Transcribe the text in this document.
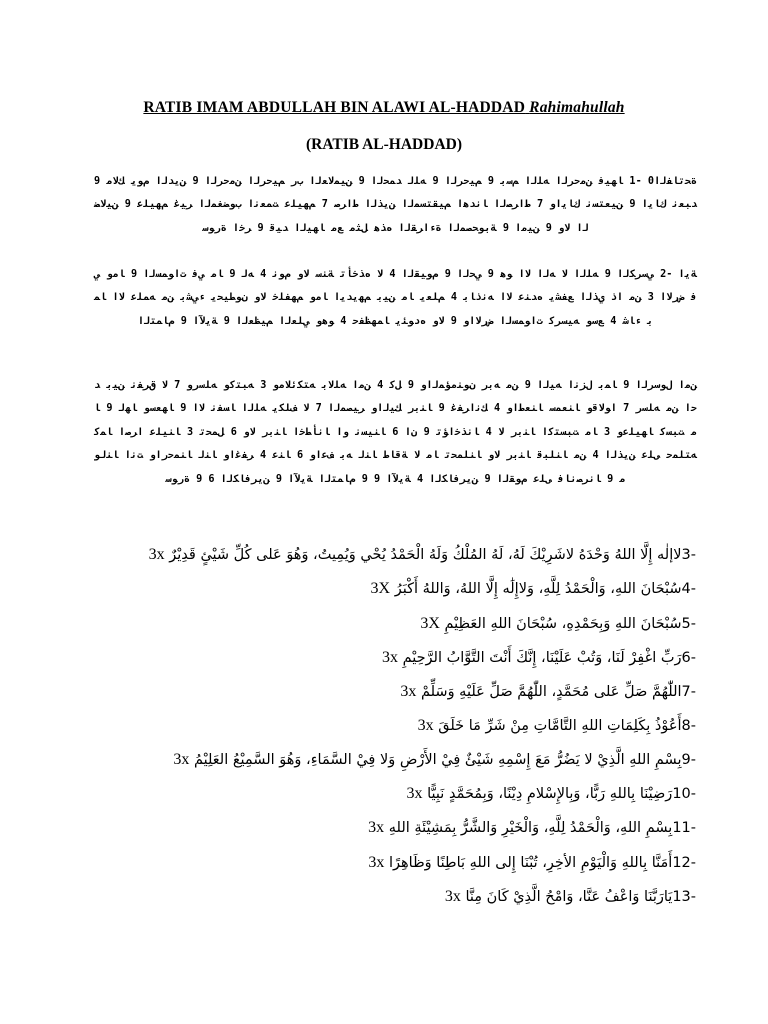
RATIB IMAM ABDULLAH BIN ALAWI AL-HADDAD Rahimahullah
(RATIB AL-HADDAD)
ﺓﺤﺗﺎﻔﻟا0 -1 ﺎﻬﻴﻓ ﻦﻣﺣﺮﻟا ﻪﻠﻟا ﻢﺳﺑ 9 ﻢﻴﺣﺮﻟا 9 ﻪﻠﻟ ﺪﻤﺤﻟا 9 ﻦﻴﻤﻟﺎﻌﻟا ﺏﺭ ﻢﻴﺣﺮﻟا ﻦﻣﺣﺮﻟا 9 ﻦﻳﺪﻟا ﻡﻮﻳ ﻚﻟﺎﻣ 9 ﺪﺒﻌﻧ ﻙﺎﻳا 9 ﻦﻴﻌﺘﺴﻧ ﻙﺎﻳاﻭ 7 ﻁاﺮﺼﻟا ﺎﻧﺪﻫا ﻢﻴﻘﺘﺴﻤﻟا ﻦﻳﺬﻟا ﻁاﺮﺻ 7 ﻢﻬﻴﻠﻋ ﺖﻤﻌﻧا ﺏﻮﻀﻐﻤﻟا ﺮﻴﻏ ﻢﻬﻴﻠﻋ 9 ﻦﻴﻟﺎﻀﻟا ﻻﻭ 9 ﻦﻴﻣا 9 ﺔﺑﻮﺤﺼﻤﻟا ﺓءاﺮﻘﻟا ﻩﺬﻫ ﻞﺜﻣ ﻊﻣ ﺎﻬﻴﻟا ﺪﻴﻗ 9 ﺮﺧا ﺓﺭﻮﺳ
ﺔﻳا -2 ﻲﺳﺮﻜﻟا 9 ﻪﻠﻟا ﻻ ﻪﻟا ﻻا ﻮﻫ 9 ﻲﺤﻟا 9 ﻡﻮﻴﻘﻟا 4 ﻻ ﻩﺬﺧﺄﺗ ﺔﻨﺳ ﻻﻭ ﻡﻮﻧ 4 ﻪﻟ 9 ﺎﻣ ﻲﻓ ﺕاﻮﻤﺴﻟا 9 ﺎﻣﻭ ﻲﻓ ﺽﺭﻻا 3 ﻦﻣ اﺫ ﻱﺬﻟا ﻊﻔﺸﻳ ﻩﺪﻨﻋ ﻻا ﻪﻧﺫﺎﺑ 4 ﻢﻠﻌﻳ ﺎﻣ ﻦﻴﺑ ﻢﻬﻳﺪﻳا ﺎﻣﻭ ﻢﻬﻔﻠﺧ ﻻﻭ ﻥﻮﻄﻴﺤﻳ ءﻲﺸﺑ ﻦﻣ ﻪﻤﻠﻋ ﻻا ﺎﻤﺑ ءﺎﺷ 4 ﻊﺳﻭ ﻪﻴﺳﺮﻛ ﺕاﻮﻤﺴﻟا ﺽﺭﻻاﻭ 9 ﻻﻭ ﻩﺩﻮﺌﻳ ﺎﻤﻬﻈﻔﺣ 4 ﻮﻫﻭ ﻲﻠﻌﻟا ﻢﻴﻈﻌﻟا 9 ﺔﻳﻵا 9 ﻡﺎﻤﺘﻟا
ﻦﻣا ﻝﻮﺳﺮﻟا 9 ﺎﻤﺑ ﻝﺰﻧا ﻪﻴﻟا 9 ﻦﻣ ﻪﺑﺭ ﻥﻮﻨﻣﺆﻤﻟاﻭ 9 ﻞﻛ 4 ﻦﻣا ﻪﻠﻟﺎﺑ ﻪﺘﻜﺋﻼﻣﻭ 3 ﻪﺒﺘﻛﻭ ﻪﻠﺳﺭﻭ 7 ﻻ ﻕﺮﻔﻧ ﻦﻴﺑ ﺪﺣا ﻦﻣ ﻪﻠﺳﺭ 7 ﺍﻮﻟﺎﻗﻭ ﺎﻨﻌﻤﺳ ﺎﻨﻌﻃاﻭ 4 ﻚﻧاﺮﻔﻏ 9 ﺎﻨﺑﺭ ﻚﻴﻟاﻭ ﺮﻴﺼﻤﻟا 7 ﻻ ﻒﻠﻜﻳ ﻪﻠﻟا ﺎﺴﻔﻧ ﻻا 9 ﺎﻬﻌﺳﻭ ﺎﻬﻟ 9 ﺎﻣ ﺖﺒﺴﻛ ﺎﻬﻴﻠﻋﻭ 3 ﺎﻣ ﺖﺒﺴﺘﻛا ﺎﻨﺑﺭ ﻻ 4 ﺎﻧﺬﺧاﺆﺗ 9 ﻥا 6 ﺎﻨﻴﺴﻧ ﻭا ﺎﻧﺄﻄﺧا ﺎﻨﺑﺭ ﻻﻭ 6 ﻞﻤﺤﺗ 3 ﺎﻨﻴﻠﻋ ﺍﺮﺻا ﺎﻤﻛ ﻪﺘﻠﻤﺣ ﻰﻠﻋ ﻦﻳﺬﻟا 4 ﻦﻣ ﺎﻨﻠﺒﻗ ﺎﻨﺑﺭ ﻻﻭ ﺎﻨﻠﻤﺤﺗ ﺎﻣ ﻻ ﺔﻗﺎﻃ ﺎﻨﻟ ﻪﺑ ﻒﻋاﻭ 6 ﺎﻨﻋ 4 ﺮﻔﻏاﻭ ﺎﻨﻟ ﺎﻨﻤﺣﺭاﻭ ﺖﻧا ﺎﻨﻟﻮﻣ 9 ﺎﻧﺮﺼﻧﺎﻓ ﻰﻠﻋ ﻡﻮﻘﻟا 9 ﻦﻳﺮﻓﺎﻜﻟا 4 ﺔﻳﻵا 9 9 ﻡﺎﻤﺘﻟا ﺔﻳﻵا 9 ﻦﻳﺮﻓﺎﻜﻟا 6 9 ﺓﺭﻮﺳ
-3لاإلٰه إِلَّا اللهُ وَحْدَهُ لاشَرِيْكَ لَهُ، لَهُ المُلْكُ وَلَهُ الْحَمْدُ يُحْي وَيُمِيتُ، وَهُوَ عَلى كُلِّ شَيْئٍ قَدِيْرٌ 3x
-4سُبْحَانَ اللهِ، وَالْحَمْدُ لِلَّهِ، وَلاإِلَٰه إِلَّا اللهُ، وَاللهُ أَكْبَرُ 3X
-5سُبْحَانَ اللهِ وَبِحَمْدِهِ، سُبْحَانَ اللهِ العَظِيْمِ 3X
-6رَبِّ اغْفِرْ لَنَا، وَتُبْ عَلَيْنَا، إِنَّكَ أَنْتَ التَّوَّابُ الرَّحِيْمِ 3x
-7اللّٰهُمَّ صَلِّ عَلى مُحَمَّدٍ، اللّٰهُمَّ صَلِّ عَلَيْهِ وَسَلِّمْ 3x
-8أَعُوْذُ بِكَلِمَاتِ اللهِ التَّامَّاتِ مِنْ شَرِّ مَا خَلَقَ 3x
-9بِسْمِ اللهِ الَّذِيْ لا يَضُرُّ مَعَ إِسْمِهِ شَيْئٌ فِيْ الأَرْضِ وَلا فِيْ السَّمَاءِ، وَهُوَ السَّمِيْعُ العَلِيْمُ 3x
-10رَضِيْنَا بِاللهِ رَبًّا، وَبِالإِسْلامِ دِيْنًا، وَبِمُحَمَّدٍ نَبِيًّا 3x
-11بِسْمِ اللهِ، وَالْحَمْدُ لِلَّهِ، وَالْخَيْرِ وَالشَّرُّ بِمَشِيْئَةِ اللهِ 3x
-12أَمَنَّا بِاللهِ وَالْيَوْمِ الأخِرِ، تُبْنَا إِلى اللهِ بَاطِنًا وَظَاهِرًا 3x
-13يَارَبَّنَا وَاعْفُ عَنَّا، وَامْحُ الَّذِيْ كَانَ مِنَّا 3x
